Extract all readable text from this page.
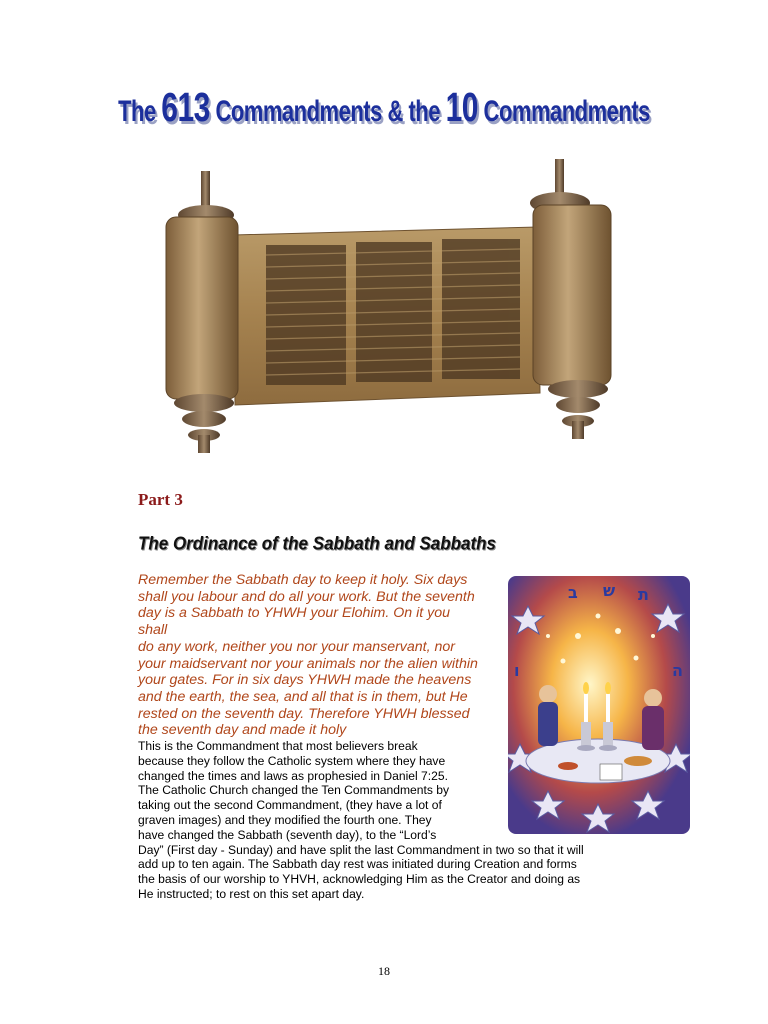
The 613 Commandments & the 10 Commandments
Part 3
The Ordinance of the Sabbath and Sabbaths

Remember the Sabbath day to keep it holy. Six days
shall you labour and do all your work. But the seventh
day is a Sabbath to YHWH your Elohim. On it you shall
do any work, neither you nor your manservant, nor
your maidservant nor your animals nor the alien within
your gates. For in six days YHWH made the heavens
and the earth, the sea, and all that is in them, but He
rested on the seventh day. Therefore YHWH blessed
the seventh day and made it holy

ב ש ת
ו	ה

This is the Commandment that most believers break
because they follow the Catholic system where they have
changed the times and laws as prophesied in Daniel 7:25.
The Catholic Church changed the Ten Commandments by
taking out the second Commandment, (they have a lot of
graven images) and they modified the fourth one. They
have changed the Sabbath (seventh day), to the “Lord’s
Day” (First day - Sunday) and have split the last Commandment in two so that it will
add up to ten again. The Sabbath day rest was initiated during Creation and forms
the basis of our worship to YHVH, acknowledging Him as the Creator and doing as
He instructed; to rest on this set apart day.

18
